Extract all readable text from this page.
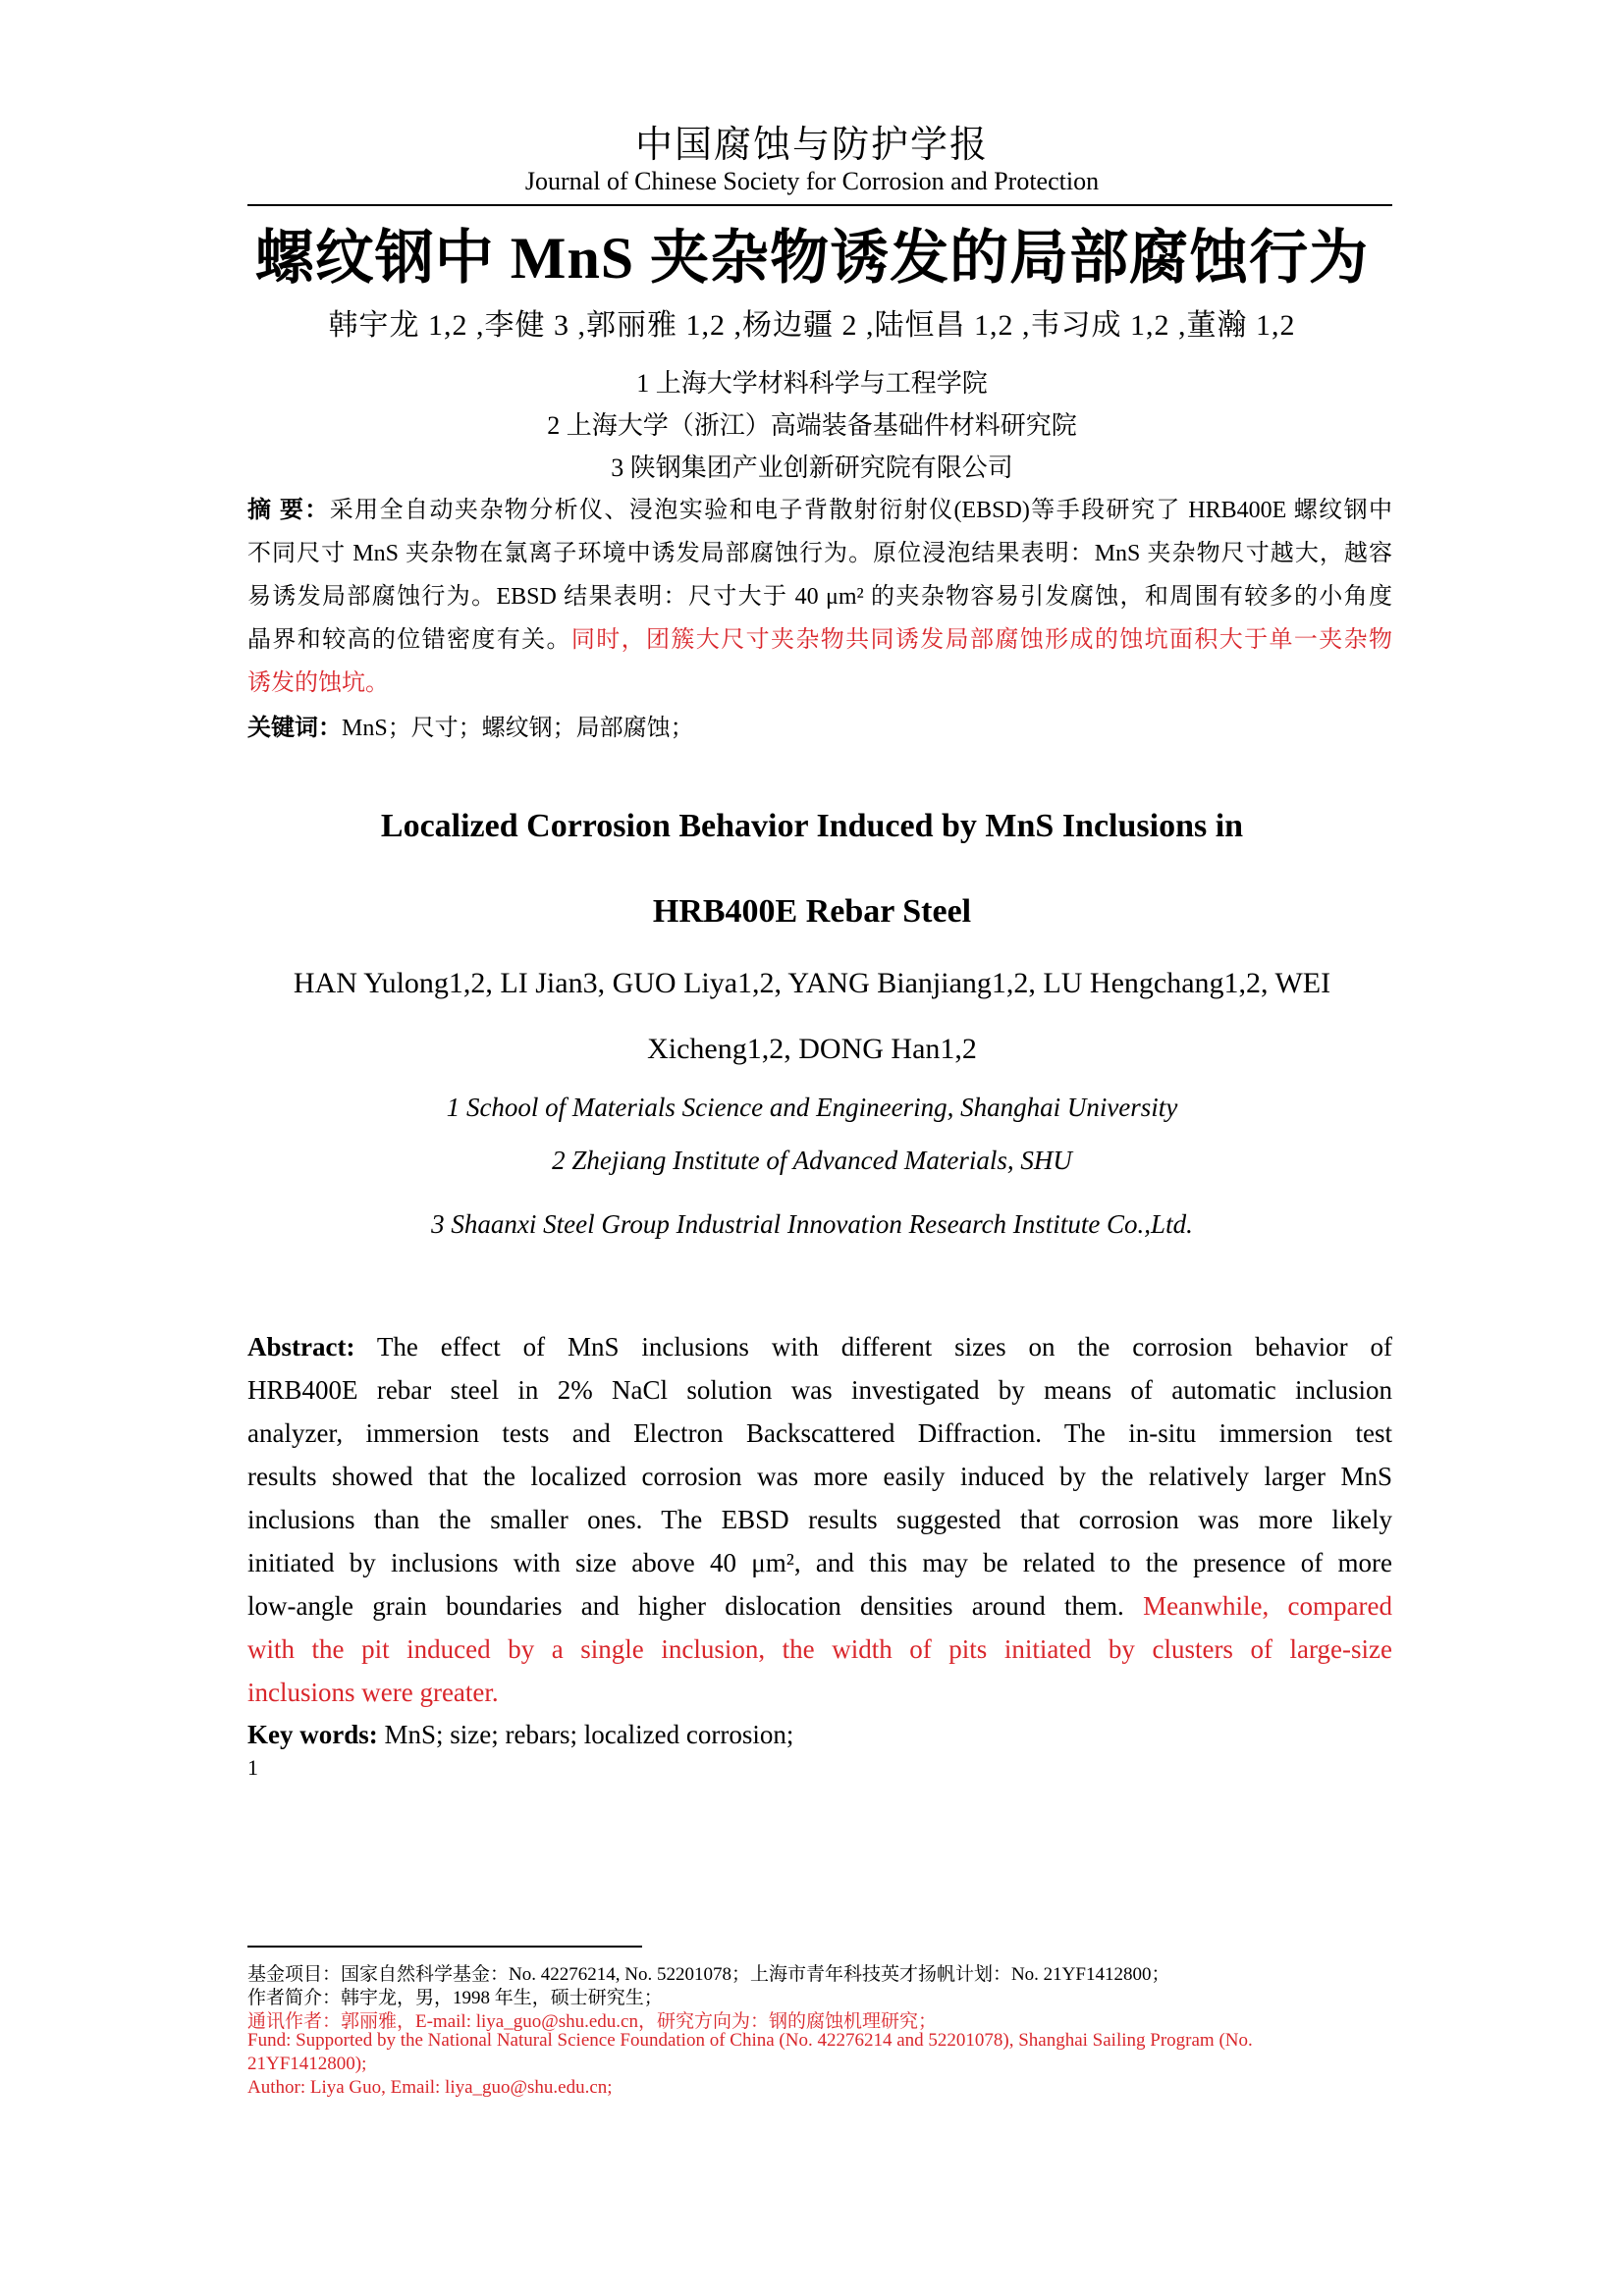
中国腐蚀与防护学报
Journal of Chinese Society for Corrosion and Protection
螺纹钢中 MnS 夹杂物诱发的局部腐蚀行为
韩宇龙 1,2 ,李健 3 ,郭丽雅 1,2 ,杨边疆 2 ,陆恒昌 1,2 ,韦习成 1,2 ,董瀚 1,2
1 上海大学材料科学与工程学院
2 上海大学（浙江）高端装备基础件材料研究院
3 陕钢集团产业创新研究院有限公司
摘 要：采用全自动夹杂物分析仪、浸泡实验和电子背散射衍射仪(EBSD)等手段研究了 HRB400E 螺纹钢中
不同尺寸 MnS 夹杂物在氯离子环境中诱发局部腐蚀行为。原位浸泡结果表明：MnS 夹杂物尺寸越大，越容
易诱发局部腐蚀行为。EBSD 结果表明：尺寸大于 40 μm² 的夹杂物容易引发腐蚀，和周围有较多的小角度
晶界和较高的位错密度有关。同时，团簇大尺寸夹杂物共同诱发局部腐蚀形成的蚀坑面积大于单一夹杂物
诱发的蚀坑。
关键词：MnS；尺寸；螺纹钢；局部腐蚀；
Localized Corrosion Behavior Induced by MnS Inclusions in
HRB400E Rebar Steel
HAN Yulong1,2, LI Jian3, GUO Liya1,2, YANG Bianjiang1,2, LU Hengchang1,2, WEI
Xicheng1,2, DONG Han1,2
1 School of Materials Science and Engineering, Shanghai University
2 Zhejiang Institute of Advanced Materials, SHU
3 Shaanxi Steel Group Industrial Innovation Research Institute Co.,Ltd.
Abstract: The effect of MnS inclusions with different sizes on the corrosion behavior of
HRB400E rebar steel in 2% NaCl solution was investigated by means of automatic inclusion
analyzer, immersion tests and Electron Backscattered Diffraction. The in-situ immersion test
results showed that the localized corrosion was more easily induced by the relatively larger MnS
inclusions than the smaller ones. The EBSD results suggested that corrosion was more likely
initiated by inclusions with size above 40 μm², and this may be related to the presence of more
low-angle grain boundaries and higher dislocation densities around them. Meanwhile, compared
with the pit induced by a single inclusion, the width of pits initiated by clusters of large-size
inclusions were greater.
Key words: MnS; size; rebars; localized corrosion;
1
基金项目：国家自然科学基金：No. 42276214, No. 52201078；上海市青年科技英才扬帆计划：No. 21YF1412800；
作者简介：韩宇龙，男，1998 年生，硕士研究生；
通讯作者：郭丽雅，E-mail: liya_guo@shu.edu.cn，研究方向为：钢的腐蚀机理研究；
Fund: Supported by the National Natural Science Foundation of China (No. 42276214 and 52201078), Shanghai Sailing Program (No.
21YF1412800);
Author: Liya Guo, Email: liya_guo@shu.edu.cn;
